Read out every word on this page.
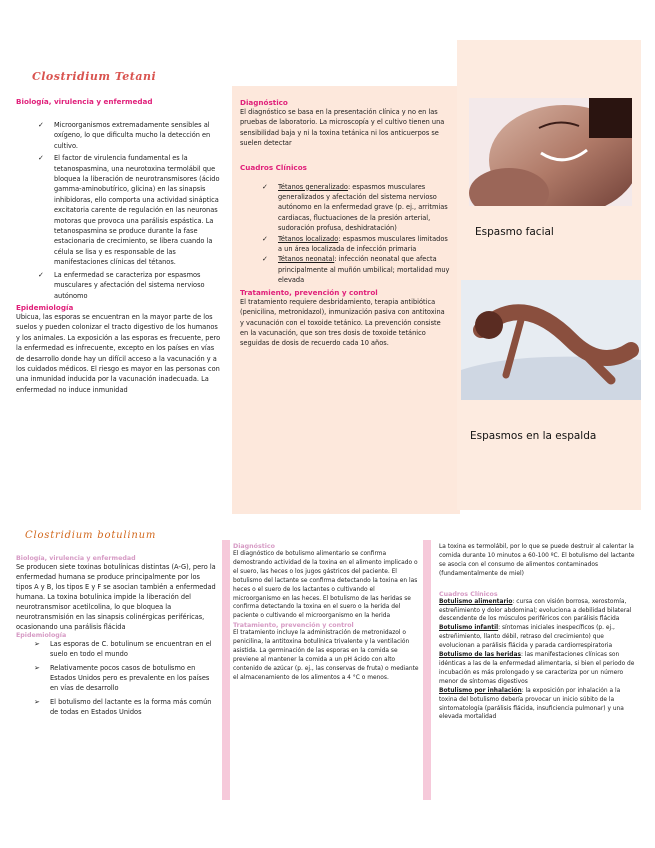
Clostridium Tetani
Biología, virulencia y enfermedad
✓ Microorganismos extremadamente sensibles al oxígeno, lo que dificulta mucho la detección en cultivo.
✓ El factor de virulencia fundamental es la tetanospasmina, una neurotoxina termolábil que bloquea la liberación de neurotransmisores (ácido gamma-aminobutírico, glicina) en las sinapsis inhibidoras, ello comporta una actividad sináptica excitatoria carente de regulación en las neuronas motoras que provoca una parálisis espástica. La tetanospasmina se produce durante la fase estacionaria de crecimiento, se libera cuando la célula se lisa y es responsable de las manifestaciones clínicas del tétanos.
✓ La enfermedad se caracteriza por espasmos musculares y afectación del sistema nervioso autónomo
Epidemiología
Ubicua, las esporas se encuentran en la mayor parte de los suelos y pueden colonizar el tracto digestivo de los humanos y los animales. La exposición a las esporas es frecuente, pero la enfermedad es infrecuente, excepto en los países en vías de desarrollo donde hay un difícil acceso a la vacunación y a los cuidados médicos. El riesgo es mayor en las personas con una inmunidad inducida por la vacunación inadecuada. La enfermedad no induce inmunidad
Diagnóstico
El diagnóstico se basa en la presentación clínica y no en las pruebas de laboratorio. La microscopía y el cultivo tienen una sensibilidad baja y ni la toxina tetánica ni los anticuerpos se suelen detectar
Cuadros Clínicos
✓ Tétanos generalizado: espasmos musculares generalizados y afectación del sistema nervioso autónomo en la enfermedad grave (p. ej., arritmias cardiacas, fluctuaciones de la presión arterial, sudoración profusa, deshidratación)
✓ Tétanos localizado: espasmos musculares limitados a un área localizada de infección primaria
✓ Tétanos neonatal: infección neonatal que afecta principalmente al muñón umbilical; mortalidad muy elevada
Tratamiento, prevención y control
El tratamiento requiere desbridamiento, terapia antibiótica (penicilina, metronidazol), inmunización pasiva con antitoxina y vacunación con el toxoide tetánico. La prevención consiste en la vacunación, que son tres dosis de toxoide tetánico seguidas de dosis de recuerdo cada 10 años.
Espasmo facial
Espasmos en la espalda
Clostridium botulinum
Biología, virulencia y enfermedad
Se producen siete toxinas botulínicas distintas (A-G), pero la enfermedad humana se produce principalmente por los tipos A y B, los tipos E y F se asocian también a enfermedad humana. La toxina botulínica impide la liberación del neurotransmisor acetilcolina, lo que bloquea la neurotransmisión en las sinapsis colinérgicas periféricas, ocasionando una parálisis flácida
Epidemiología
➢ Las esporas de C. botulinum se encuentran en el suelo en todo el mundo
➢ Relativamente pocos casos de botulismo en Estados Unidos pero es prevalente en los países en vías de desarrollo
➢ El botulismo del lactante es la forma más común de todas en Estados Unidos
Diagnóstico
El diagnóstico de botulismo alimentario se confirma demostrando actividad de la toxina en el alimento implicado o el suero, las heces o los jugos gástricos del paciente. El botulismo del lactante se confirma detectando la toxina en las heces o el suero de los lactantes o cultivando el microorganismo en las heces. El botulismo de las heridas se confirma detectando la toxina en el suero o la herida del paciente o cultivando el microorganismo en la herida
Tratamiento, prevención y control
El tratamiento incluye la administración de metronidazol o penicilina, la antitoxina botulínica trivalente y la ventilación asistida. La germinación de las esporas en la comida se previene al mantener la comida a un pH ácido con alto contenido de azúcar (p. ej., las conservas de fruta) o mediante el almacenamiento de los alimentos a 4 °C o menos.
La toxina es termolábil, por lo que se puede destruir al calentar la comida durante 10 minutos a 60-100 ºC. El botulismo del lactante se asocia con el consumo de alimentos contaminados (fundamentalmente de miel)
Cuadros Clínicos
Botulismo alimentario: cursa con visión borrosa, xerostomía, estreñimiento y dolor abdominal; evoluciona a debilidad bilateral descendente de los músculos periféricos con parálisis flácida
Botulismo infantil: síntomas iniciales inespecíficos (p. ej., estreñimiento, llanto débil, retraso del crecimiento) que evolucionan a parálisis flácida y parada cardiorrespiratoria
Botulismo de las heridas: las manifestaciones clínicas son idénticas a las de la enfermedad alimentaria, si bien el periodo de incubación es más prolongado y se caracteriza por un número menor de síntomas digestivos
Botulismo por inhalación: la exposición por inhalación a la toxina del botulismo debería provocar un inicio súbito de la sintomatología (parálisis flácida, insuficiencia pulmonar) y una elevada mortalidad
